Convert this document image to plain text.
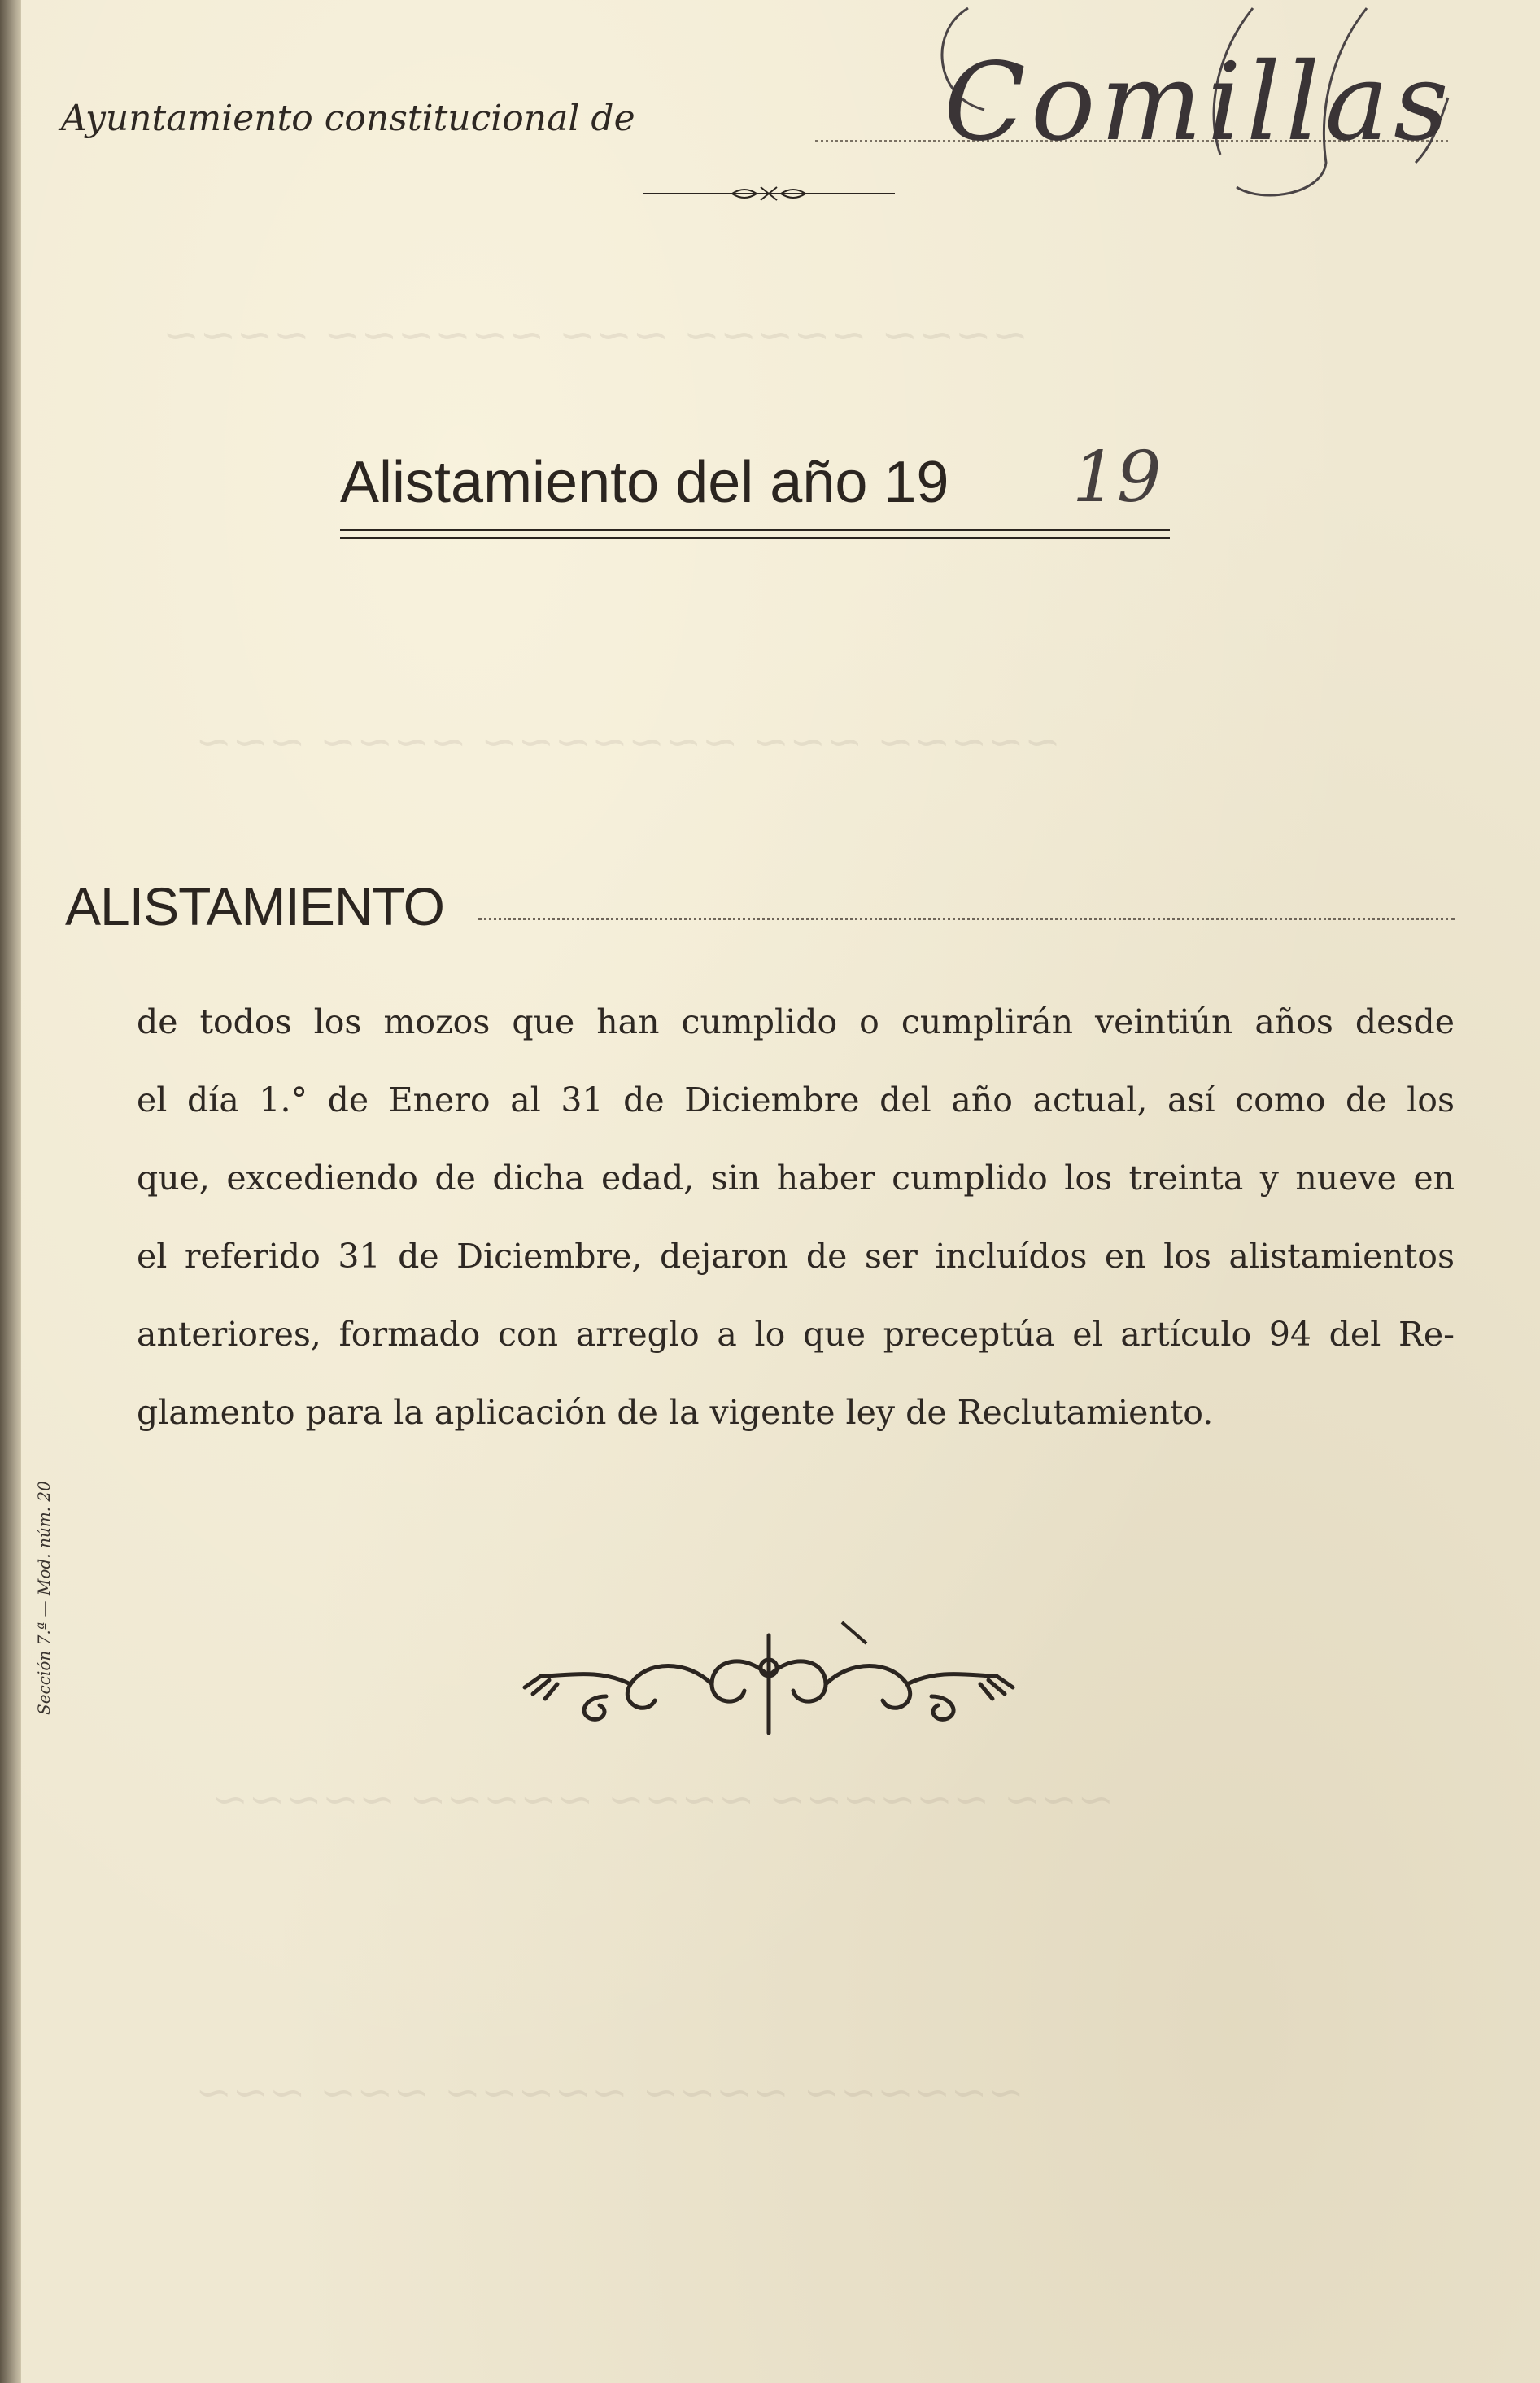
~~~~ ~~~~~ ~~~ ~~~~~~ ~~~~
~~~~~ ~~~ ~~~~~~~ ~~~~ ~~~
~~~ ~~~~~~ ~~~~ ~~~~~ ~~~~~
~~~~~~ ~~~~ ~~~~~ ~~~ ~~~
Ayuntamiento constitucional de	Comillas
Alistamiento del año 19 19
ALISTAMIENTO
de todos los mozos que han cumplido o cumplirán veintiún años desde
el día 1.° de Enero al 31 de Diciembre del año actual, así como de los
que, excediendo de dicha edad, sin haber cumplido los treinta y nueve en
el referido 31 de Diciembre, dejaron de ser incluídos en los alistamientos
anteriores, formado con arreglo a lo que preceptúa el artículo 94 del Re-
glamento para la aplicación de la vigente ley de Reclutamiento.
Sección 7.ª — Mod. núm. 20
